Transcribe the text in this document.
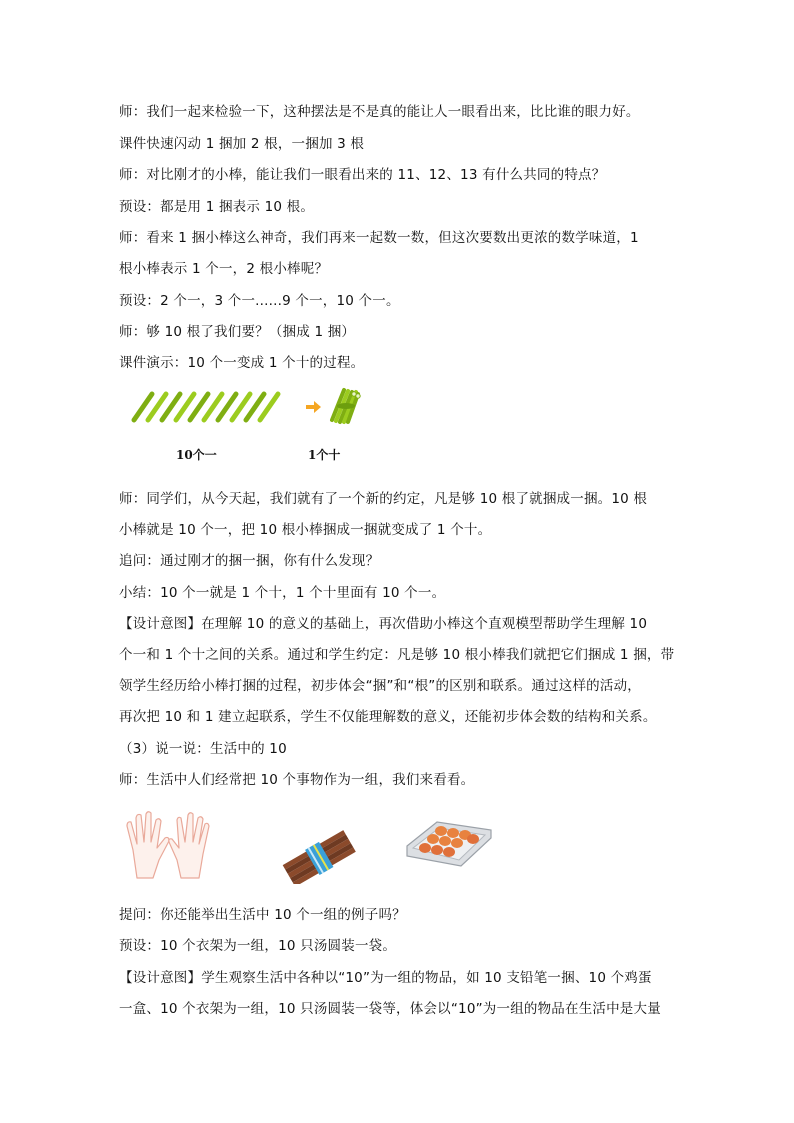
师：我们一起来检验一下，这种摆法是不是真的能让人一眼看出来，比比谁的眼力好。
课件快速闪动 1 捆加 2 根，一捆加 3 根
师：对比刚才的小棒，能让我们一眼看出来的 11、12、13 有什么共同的特点？
预设：都是用 1 捆表示 10 根。
师：看来 1 捆小棒这么神奇，我们再来一起数一数，但这次要数出更浓的数学味道，1
根小棒表示 1 个一，2 根小棒呢？
预设：2 个一，3 个一......9 个一，10 个一。
师：够 10 根了我们要？（捆成 1 捆）
课件演示：10 个一变成 1 个十的过程。
10个一	1个十
师：同学们，从今天起，我们就有了一个新的约定，凡是够 10 根了就捆成一捆。10 根
小棒就是 10 个一，把 10 根小棒捆成一捆就变成了 1 个十。
追问：通过刚才的捆一捆，你有什么发现？
小结：10 个一就是 1 个十，1 个十里面有 10 个一。
【设计意图】在理解 10 的意义的基础上，再次借助小棒这个直观模型帮助学生理解 10
个一和 1 个十之间的关系。通过和学生约定：凡是够 10 根小棒我们就把它们捆成 1 捆，带
领学生经历给小棒打捆的过程，初步体会“捆”和“根”的区别和联系。通过这样的活动，
再次把 10 和 1 建立起联系，学生不仅能理解数的意义，还能初步体会数的结构和关系。
（3）说一说：生活中的 10
师：生活中人们经常把 10 个事物作为一组，我们来看看。
提问：你还能举出生活中 10 个一组的例子吗？
预设：10 个衣架为一组，10 只汤圆装一袋。
【设计意图】学生观察生活中各种以“10”为一组的物品，如 10 支铅笔一捆、10 个鸡蛋
一盒、10 个衣架为一组，10 只汤圆装一袋等，体会以“10”为一组的物品在生活中是大量
